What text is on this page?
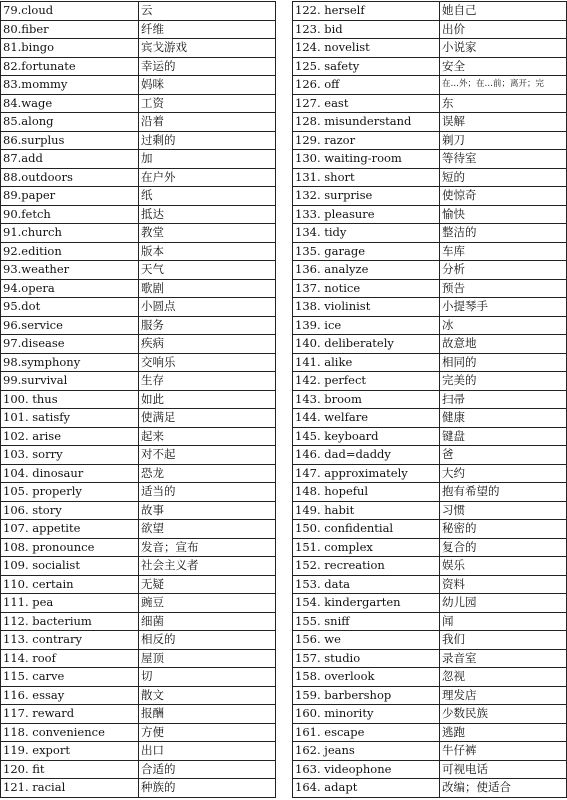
79.cloud	云
80.fiber	纤维
81.bingo	宾戈游戏
82.fortunate	幸运的
83.mommy	妈咪
84.wage	工资
85.along	沿着
86.surplus	过剩的
87.add	加
88.outdoors	在户外
89.paper	纸
90.fetch	抵达
91.church	教堂
92.edition	版本
93.weather	天气
94.opera	歌剧
95.dot	小圆点
96.service	服务
97.disease	疾病
98.symphony	交响乐
99.survival	生存
100. thus	如此
101. satisfy	使满足
102. arise	起来
103. sorry	对不起
104. dinosaur	恐龙
105. properly	适当的
106. story	故事
107. appetite	欲望
108. pronounce	发音；宣布
109. socialist	社会主义者
110. certain	无疑
111. pea	豌豆
112. bacterium	细菌
113. contrary	相反的
114. roof	屋顶
115. carve	切
116. essay	散文
117. reward	报酬
118. convenience	方便
119. export	出口
120. fit	合适的
121. racial	种族的
122. herself	她自己
123. bid	出价
124. novelist	小说家
125. safety	安全
126. off	在…外；在…前；离开；完
127. east	东
128. misunderstand	误解
129. razor	剃刀
130. waiting-room	等待室
131. short	短的
132. surprise	使惊奇
133. pleasure	愉快
134. tidy	整洁的
135. garage	车库
136. analyze	分析
137. notice	预告
138. violinist	小提琴手
139. ice	冰
140. deliberately	故意地
141. alike	相同的
142. perfect	完美的
143. broom	扫帚
144. welfare	健康
145. keyboard	键盘
146. dad=daddy	爸
147. approximately	大约
148. hopeful	抱有希望的
149. habit	习惯
150. confidential	秘密的
151. complex	复合的
152. recreation	娱乐
153. data	资料
154. kindergarten	幼儿园
155. sniff	闻
156. we	我们
157. studio	录音室
158. overlook	忽视
159. barbershop	理发店
160. minority	少数民族
161. escape	逃跑
162. jeans	牛仔裤
163. videophone	可视电话
164. adapt	改编；使适合
